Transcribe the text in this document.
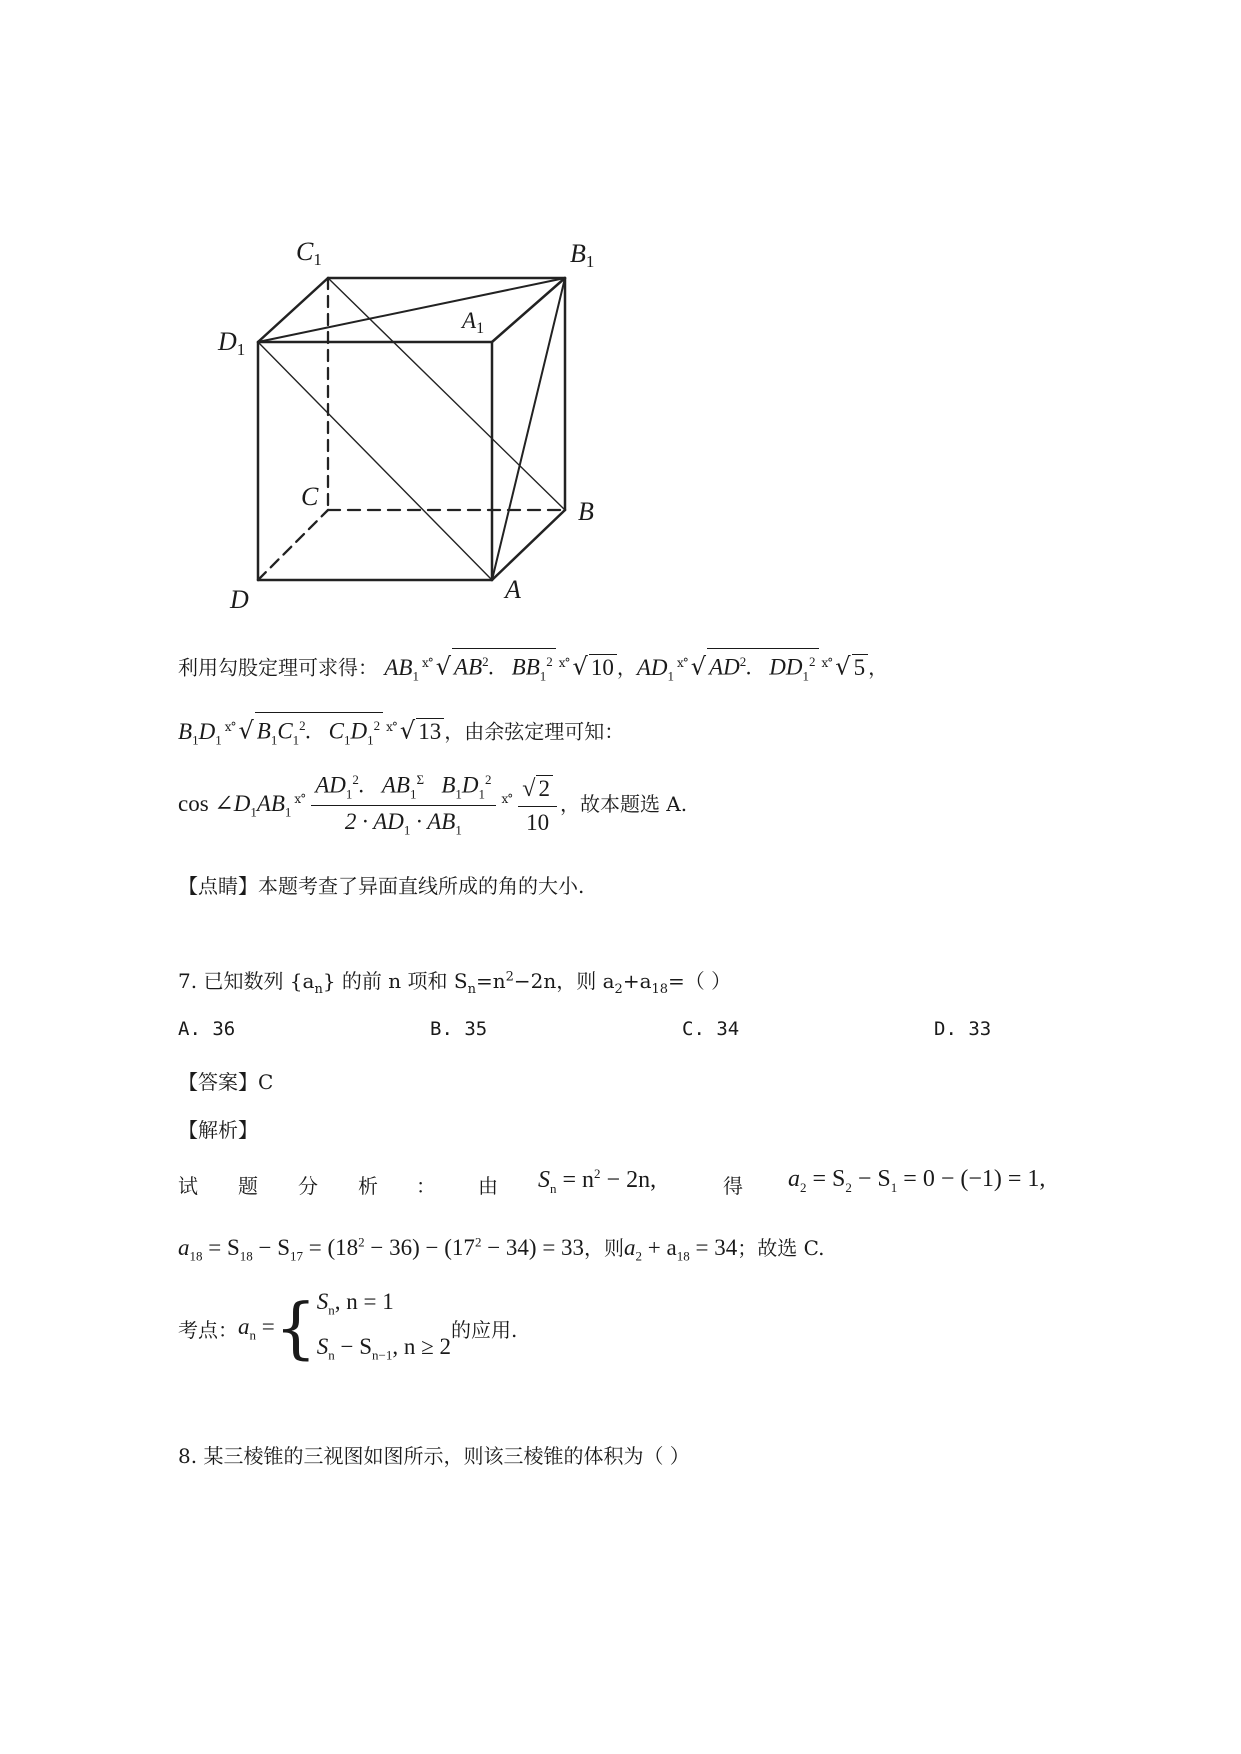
C1	B1
D1
$A_1$
C
B
D	A
利用勾股定理可求得： $AB_1^{ⅹ^\circ}$ √ $AB^2$.   $BB_1^2$ $^{ⅹ^\circ}$ √ 10 ，$AD_1^{ⅹ^\circ}$ √ $AD^2$.   $DD_1^2$ $^{ⅹ^\circ}$ √ 5 ，
$B_1D_1^{ⅹ^\circ}$ √ $B_1C_1^2$.   $C_1D_1^2$ $^{ⅹ^\circ}$ √ 13 ，由余弦定理可知：
$\cos \angle D_1AB_1^{ⅹ^\circ} \frac{AD_1^2. AB_1^\Sigma B_1D_1^2}{2 \cdot AD_1 \cdot AB_1} ^{ⅹ^\circ} \frac{√ 2}{10}$ ，故本题选 A.
【点睛】本题考查了异面直线所成的角的大小.
7. 已知数列 $\{a_n\}$ 的前 n 项和 $S_n=n^2-2n$，则 $a_2+a_{18}=$（ ）
A. 36	B. 35	C. 34	D. 33
【答案】C
【解析】
试 题 分 析 ： 由 $S_n = n^2 - 2n$,	得 $a_2 = S_2 - S_1 = 0 - (-1) = 1$,
$a_{18} = S_{18} - S_{17} = (18^2 - 36) - (17^2 - 34) = 33$，则$a_2 + a_{18} = 34$；故选 C.
考点：$a_n$ ={ $S_n$, n = 1
$S_n - S_{n-1}$, n ≥ 2
的应用.
8. 某三棱锥的三视图如图所示，则该三棱锥的体积为（ ）
